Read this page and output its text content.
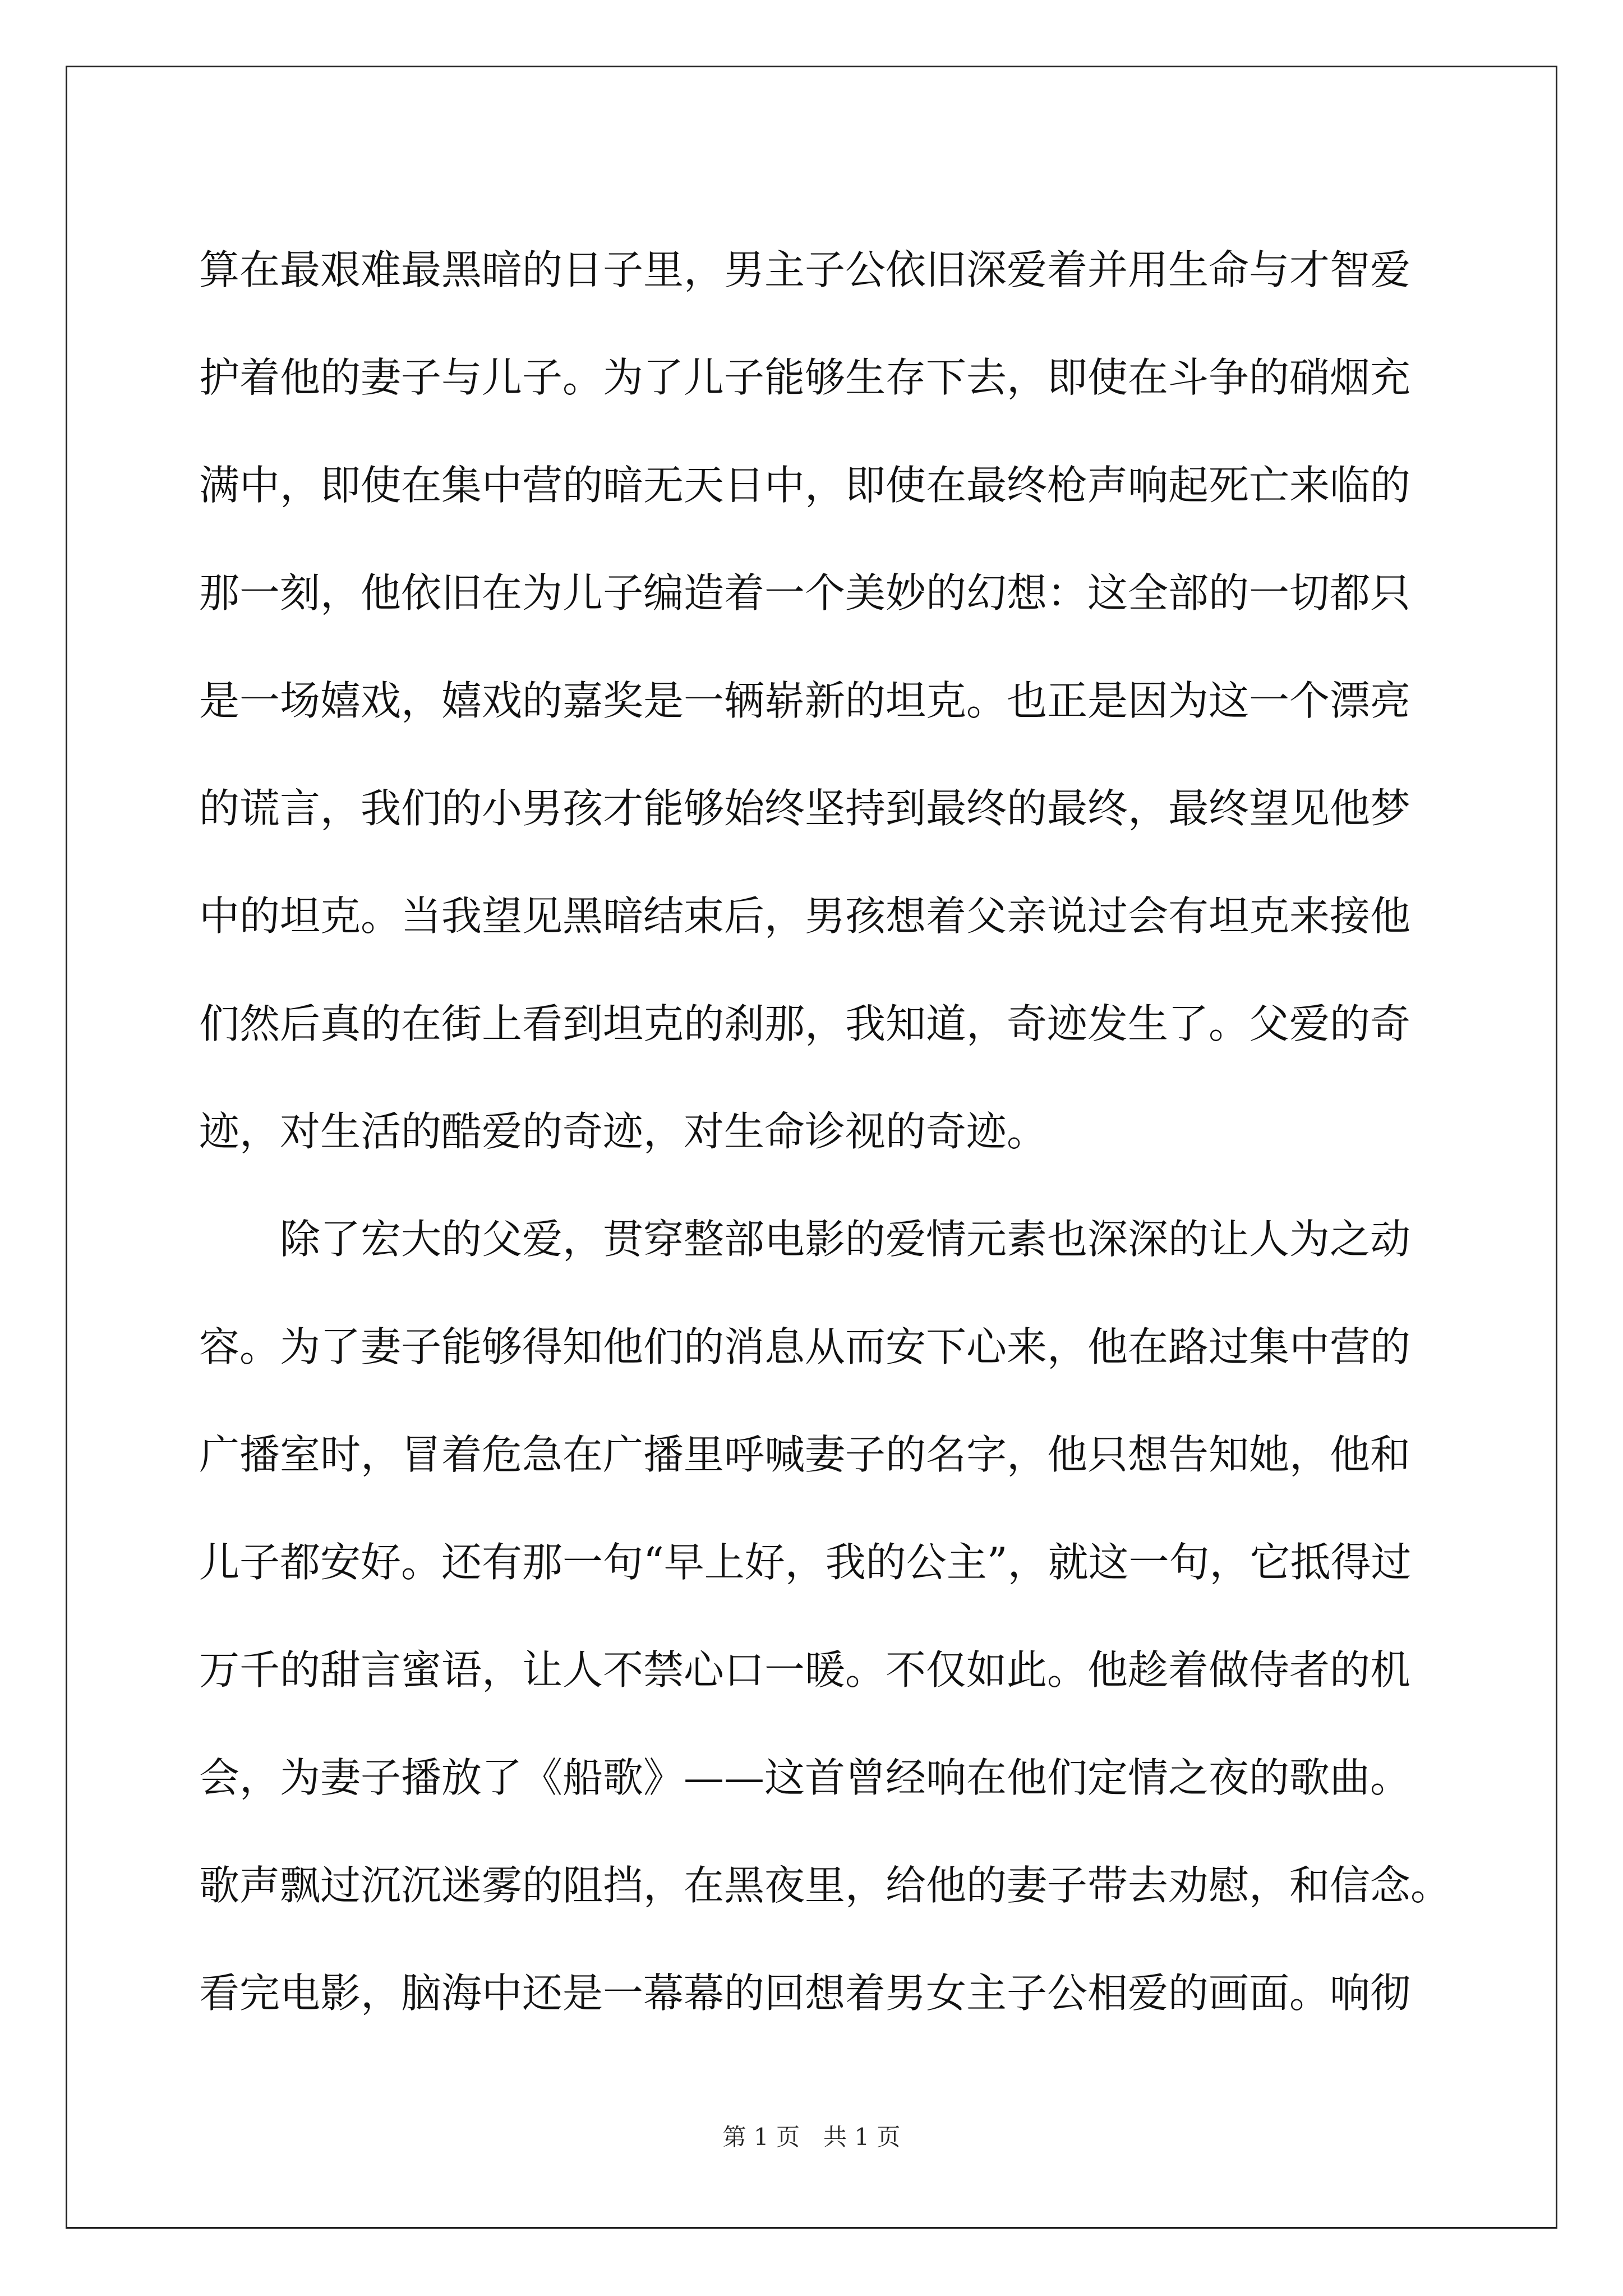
算在最艰难最黑暗的日子里，男主子公依旧深爱着并用生命与才智爱
护着他的妻子与儿子。为了儿子能够生存下去，即使在斗争的硝烟充
满中，即使在集中营的暗无天日中，即使在最终枪声响起死亡来临的
那一刻，他依旧在为儿子编造着一个美妙的幻想：这全部的一切都只
是一场嬉戏，嬉戏的嘉奖是一辆崭新的坦克。也正是因为这一个漂亮
的谎言，我们的小男孩才能够始终坚持到最终的最终，最终望见他梦
中的坦克。当我望见黑暗结束后，男孩想着父亲说过会有坦克来接他
们然后真的在街上看到坦克的刹那，我知道，奇迹发生了。父爱的奇
迹，对生活的酷爱的奇迹，对生命诊视的奇迹。
除了宏大的父爱，贯穿整部电影的爱情元素也深深的让人为之动
容。为了妻子能够得知他们的消息从而安下心来，他在路过集中营的
广播室时，冒着危急在广播里呼喊妻子的名字，他只想告知她，他和
儿子都安好。还有那一句“早上好，我的公主”，就这一句，它抵得过
万千的甜言蜜语，让人不禁心口一暖。不仅如此。他趁着做侍者的机
会，为妻子播放了《船歌》——这首曾经响在他们定情之夜的歌曲。
歌声飘过沉沉迷雾的阻挡，在黑夜里，给他的妻子带去劝慰，和信念。
看完电影，脑海中还是一幕幕的回想着男女主子公相爱的画面。响彻
第 1 页　共 1 页
